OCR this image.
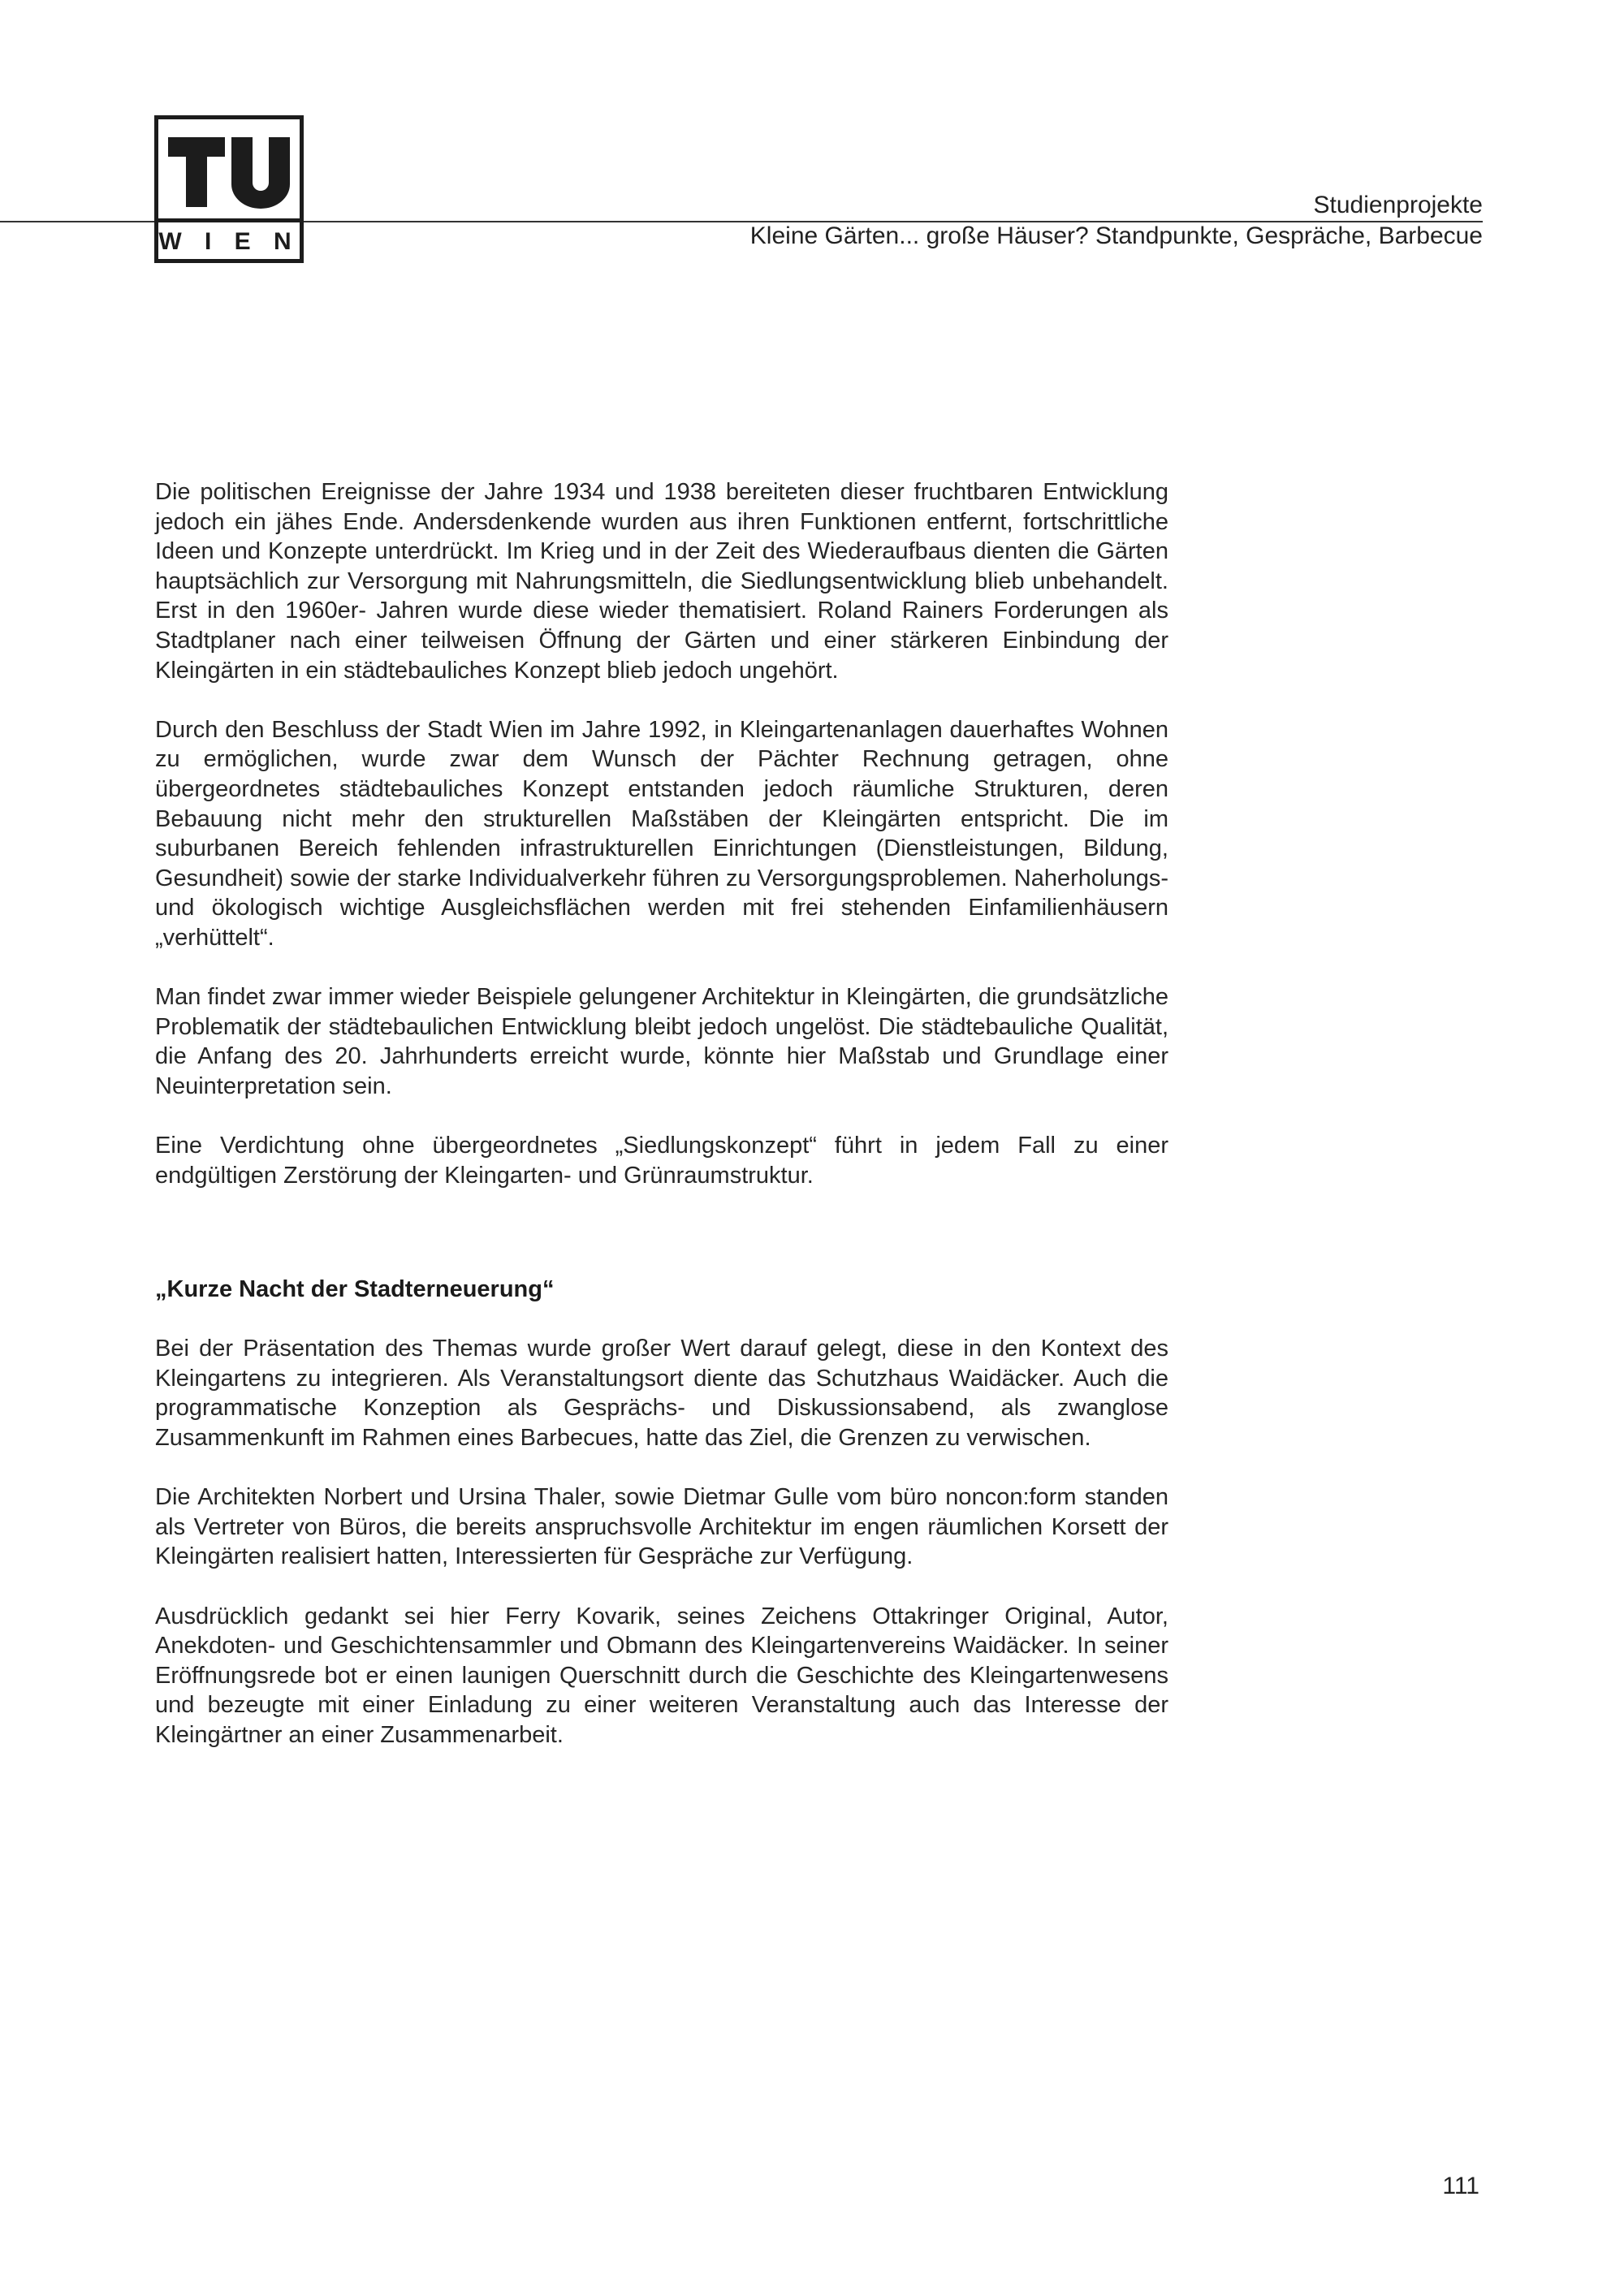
W I E N
Studienprojekte
Kleine Gärten... große Häuser? Standpunkte, Gespräche, Barbecue

Die politischen Ereignisse der Jahre 1934 und 1938 bereiteten dieser fruchtbaren Entwicklung jedoch ein jähes Ende. Andersdenkende wurden aus ihren Funktionen entfernt, fortschrittliche Ideen und Konzepte unterdrückt. Im Krieg und in der Zeit des Wiederaufbaus dienten die Gärten hauptsächlich zur Versorgung mit Nahrungsmitteln, die Siedlungsentwicklung blieb unbehandelt. Erst in den 1960er- Jahren wurde diese wieder thematisiert. Roland Rainers Forderungen als Stadtplaner nach einer teilweisen Öffnung der Gärten und einer stärkeren Einbindung der Kleingärten in ein städtebauliches Konzept blieb jedoch ungehört.

Durch den Beschluss der Stadt Wien im Jahre 1992, in Kleingartenanlagen dauerhaftes Wohnen zu ermöglichen, wurde zwar dem Wunsch der Pächter Rechnung getragen, ohne übergeordnetes städtebauliches Konzept entstanden jedoch räumliche Strukturen, deren Bebauung nicht mehr den strukturellen Maßstäben der Kleingärten entspricht. Die im suburbanen Bereich fehlenden infrastrukturellen Einrichtungen (Dienstleistungen, Bildung, Gesundheit) sowie der starke Individualverkehr führen zu Versorgungsproblemen. Naherholungs- und ökologisch wichtige Ausgleichsflächen werden mit frei stehenden Einfamilienhäusern „verhüttelt“.

Man findet zwar immer wieder Beispiele gelungener Architektur in Kleingärten, die grundsätzliche Problematik der städtebaulichen Entwicklung bleibt jedoch ungelöst. Die städtebauliche Qualität, die Anfang des 20. Jahrhunderts erreicht wurde, könnte hier Maßstab und Grundlage einer Neuinterpretation sein.

Eine Verdichtung ohne übergeordnetes „Siedlungskonzept“ führt in jedem Fall zu einer endgültigen Zerstörung der Kleingarten- und Grünraumstruktur.

„Kurze Nacht der Stadterneuerung“

Bei der Präsentation des Themas wurde großer Wert darauf gelegt, diese in den Kontext des Kleingartens zu integrieren. Als Veranstaltungsort diente das Schutzhaus Waidäcker. Auch die programmatische Konzeption als Gesprächs- und Diskussionsabend, als zwanglose Zusammenkunft im Rahmen eines Barbecues, hatte das Ziel, die Grenzen zu verwischen.

Die Architekten Norbert und Ursina Thaler, sowie Dietmar Gulle vom büro noncon:form standen als Vertreter von Büros, die bereits anspruchsvolle Architektur im engen räumlichen Korsett der Kleingärten realisiert hatten, Interessierten für Gespräche zur Verfügung.

Ausdrücklich gedankt sei hier Ferry Kovarik, seines Zeichens Ottakringer Original, Autor, Anekdoten- und Geschichtensammler und Obmann des Kleingartenvereins Waidäcker. In seiner Eröffnungsrede bot er einen launigen Querschnitt durch die Geschichte des Kleingartenwesens und bezeugte mit einer Einladung zu einer weiteren Veranstaltung auch das Interesse der Kleingärtner an einer Zusammenarbeit.

111
